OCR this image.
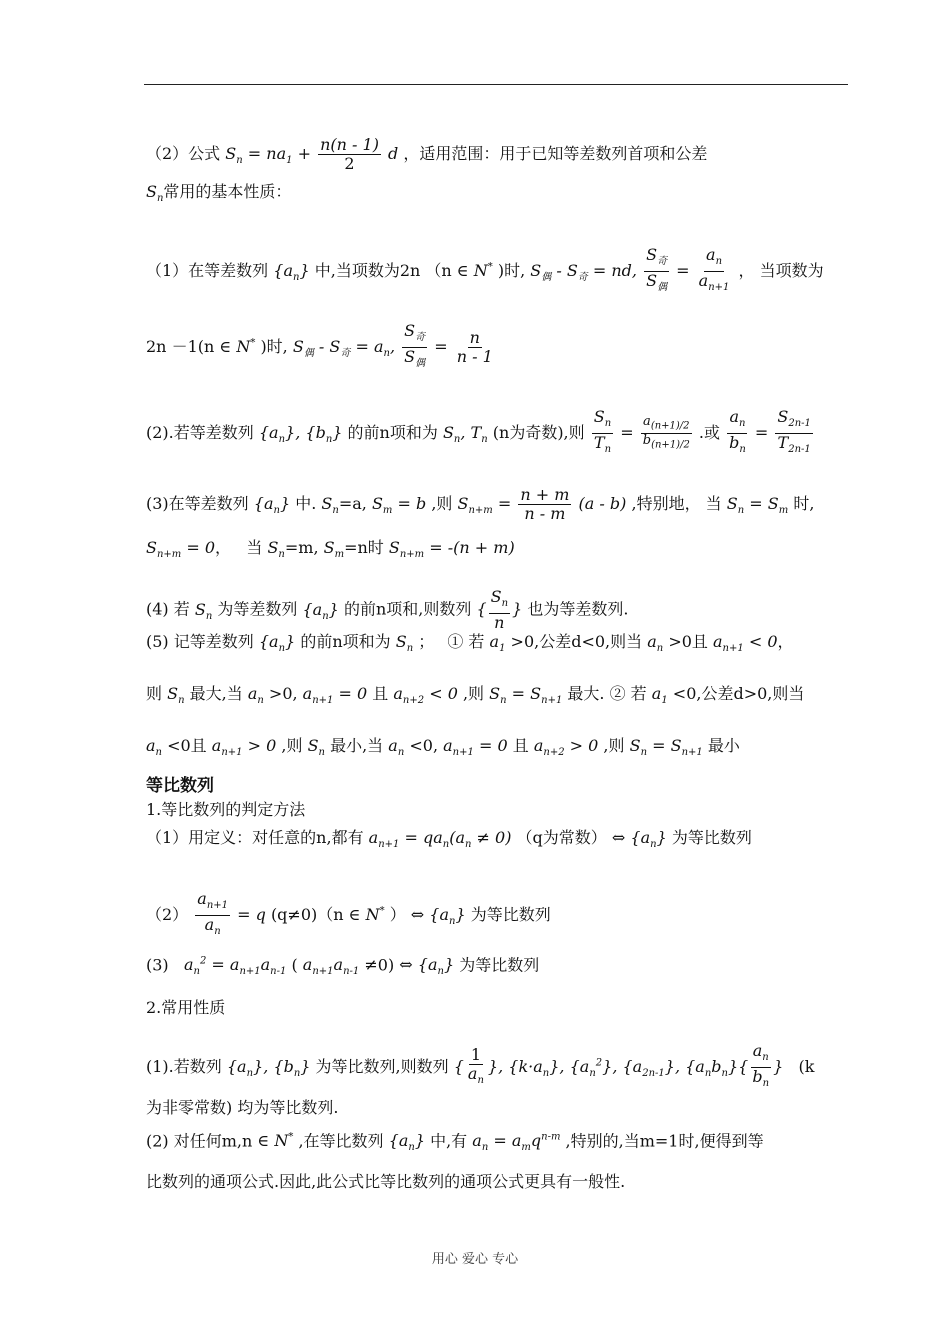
（2）公式 $S_n = na_1 + \frac{n(n - 1)}{2}$ d ，适用范围：用于已知等差数列首项和公差
$S_n$常用的基本性质：
（1）在等差数列 $\{a_n\}$ 中,当项数为2n （n ∈ N* )时, $S_偶 - S_奇$ = nd, $\frac{S_奇}{S_偶} = \frac{a_n}{a_{n+1}}$ ， 当项数为
2n －1(n ∈ N* )时, $S_偶 - S_奇 = a_n$, $\frac{S_奇}{S_偶} = \frac{n}{n - 1}$
(2).若等差数列 $\{a_n\}$, $\{b_n\}$ 的前n项和为 $S_n$, $T_n$ (n为奇数),则 $\frac{S_n}{T_n} = \frac{a_{(n+1)/2}}{b_{(n+1)/2}}$ .或 $\frac{a_n}{b_n} = \frac{S_{2n-1}}{T_{2n-1}}$
(3)在等差数列 $\{a_n\}$ 中. $S_n=a$, $S_m = b$ ,则 $S_{n+m} = \frac{n + m}{n - m} (a - b)$ ,特别地， 当 $S_n = S_m$ 时,
$S_{n+m} = 0$， 当 $S_n=m$, $S_m=n$时 $S_{n+m} = -(n + m)$
(4) 若 $S_n$ 为等差数列 $\{a_n\}$ 的前n项和,则数列 { $\frac{S_n}{n}$ } 也为等差数列.
(5) 记等差数列 $\{a_n\}$ 的前n项和为 $S_n$ ；　 ① 若 $a_1 >0$,公差d<0,则当 $a_n >0$且 $a_{n+1} < 0$，
则 $S_n$ 最大,当 $a_n >0$, $a_{n+1} = 0$ 且 $a_{n+2} < 0$ ,则 $S_n = S_{n+1}$ 最大. ② 若 $a_1 <0$,公差d>0,则当
$a_n <0$且 $a_{n+1} > 0$ ,则 $S_n$ 最小,当 $a_n <0$, $a_{n+1} = 0$ 且 $a_{n+2} > 0$ ,则 $S_n = S_{n+1}$ 最小
等比数列
1.等比数列的判定方法
（1）用定义：对任意的n,都有 $a_{n+1} = qa_n(a_n \ne 0)$ （q为常数） ⇔ $\{a_n\}$ 为等比数列
$(2) \frac{a_{n+1}}{a_n} = q$ (q≠0)（n ∈ N* ） ⇔ $\{a_n\}$ 为等比数列
(3) $a_n^2 = a_{n+1}a_{n-1}$ ( $a_{n+1}a_{n-1} \ne 0$) ⇔ $\{a_n\}$ 为等比数列
2.常用性质
(1).若数列 $\{a_n\}$, $\{b_n\}$ 为等比数列,则数列 { $\frac{1}{a_n}$ }, $\{k\cdot a_n\}$, $\{a_n^2\}$, $\{a_{2n-1}\}$, $\{a_nb_n\}\{ \frac{a_n}{b_n}$ } (k
为非零常数) 均为等比数列.
(2) 对任何m,n ∈ N* ,在等比数列 $\{a_n\}$ 中,有 $a_n = a_mq^{n-m}$ ,特别的,当m=1时,便得到等
比数列的通项公式.因此,此公式比等比数列的通项公式更具有一般性.
用心 爱心 专心
